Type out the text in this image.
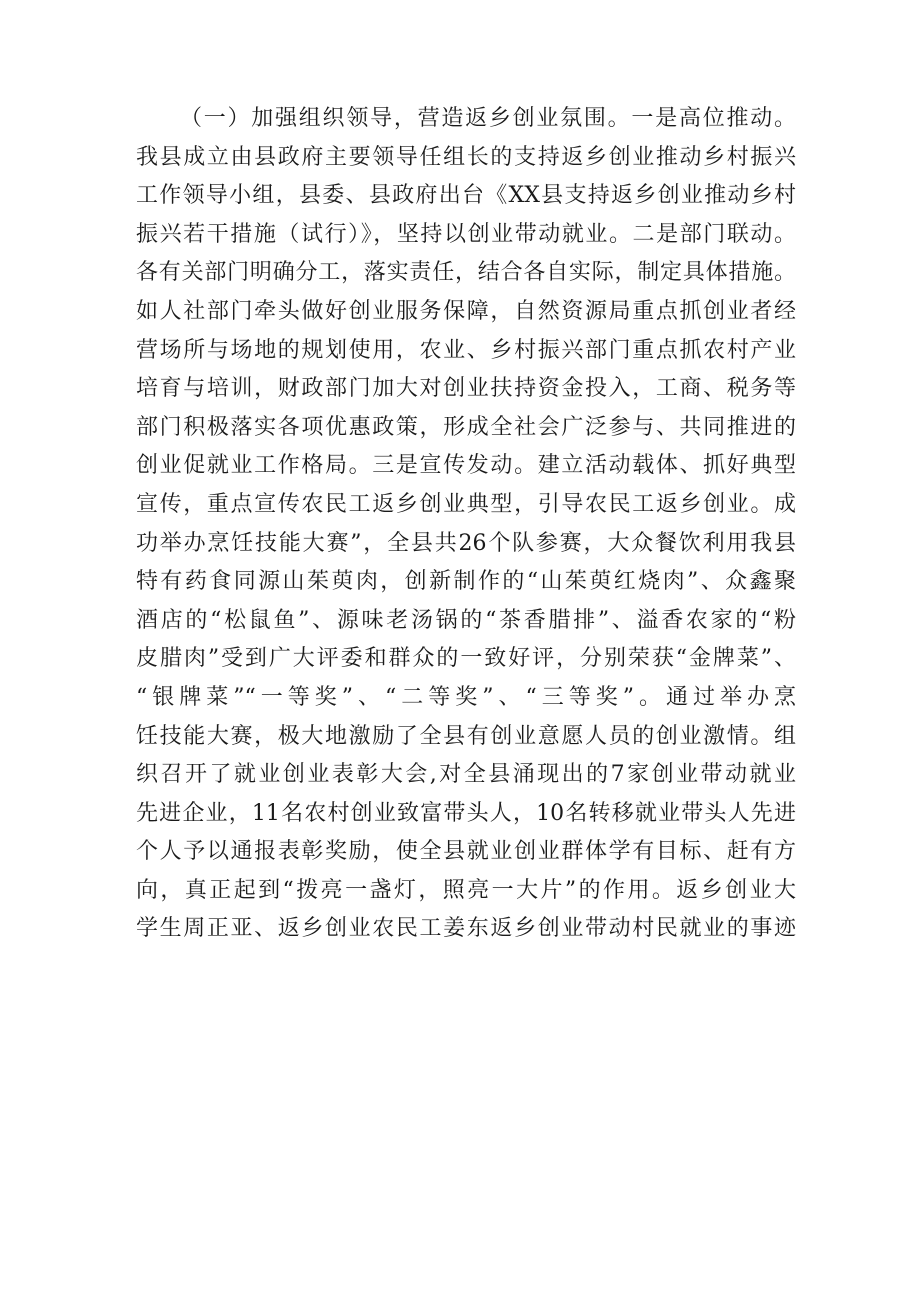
（一）加强组织领导，营造返乡创业氛围。一是高位推动。
我县成立由县政府主要领导任组长的支持返乡创业推动乡村振兴
工作领导小组，县委、县政府出台《XX县支持返乡创业推动乡村
振兴若干措施（试行）》，坚持以创业带动就业。二是部门联动。
各有关部门明确分工，落实责任，结合各自实际，制定具体措施。
如人社部门牵头做好创业服务保障，自然资源局重点抓创业者经
营场所与场地的规划使用，农业、乡村振兴部门重点抓农村产业
培育与培训，财政部门加大对创业扶持资金投入，工商、税务等
部门积极落实各项优惠政策，形成全社会广泛参与、共同推进的
创业促就业工作格局。三是宣传发动。建立活动载体、抓好典型
宣传，重点宣传农民工返乡创业典型，引导农民工返乡创业。成
功举办烹饪技能大赛”，全县共26个队参赛，大众餐饮利用我县
特有药食同源山茱萸肉，创新制作的“山茱萸红烧肉”、众鑫聚
酒店的“松鼠鱼”、源味老汤锅的“茶香腊排”、溢香农家的“粉
皮腊肉”受到广大评委和群众的一致好评，分别荣获“金牌菜”、
“银牌菜”“一等奖”、“二等奖”、“三等奖”。通过举办烹
饪技能大赛，极大地激励了全县有创业意愿人员的创业激情。组
织召开了就业创业表彰大会,对全县涌现出的7家创业带动就业
先进企业，11名农村创业致富带头人，10名转移就业带头人先进
个人予以通报表彰奖励，使全县就业创业群体学有目标、赶有方
向，真正起到“拨亮一盏灯，照亮一大片”的作用。返乡创业大
学生周正亚、返乡创业农民工姜东返乡创业带动村民就业的事迹
